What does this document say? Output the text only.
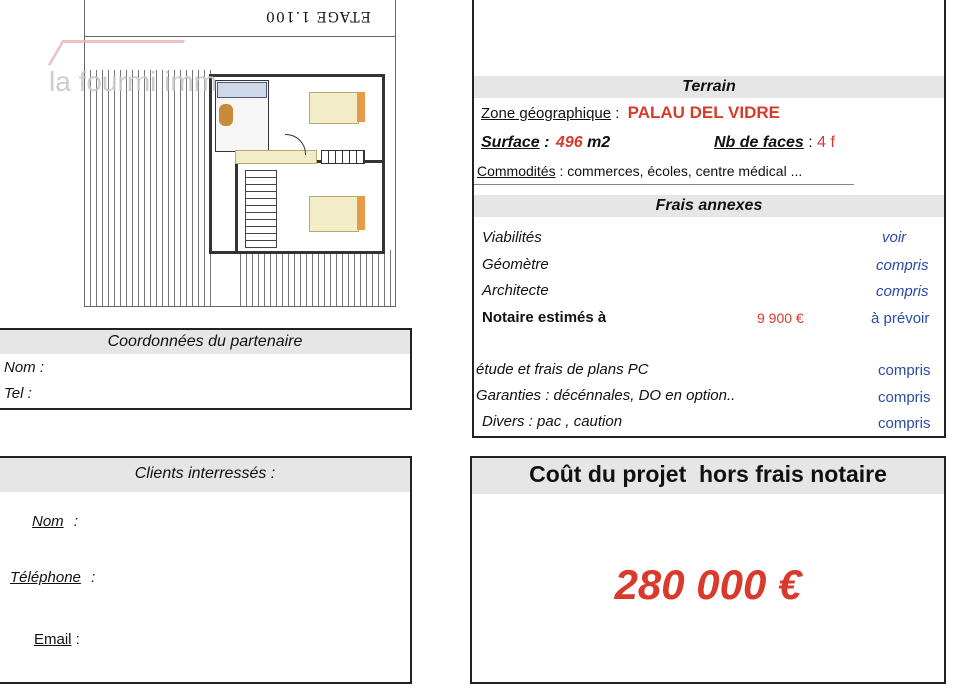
ETAGE 1.100
la fourmi imm	Terrain
Zone géographique : PALAU DEL VIDRE
Surface : 496 m2	Nb de faces : 4 f
Commodités : commerces, écoles, centre médical ...
Frais annexes
Viabilités	voir
Géomètre	compris
Architecte	compris
Notaire estimés à	9 900 €	à prévoir
étude et frais de plans PC	compris
Garanties : décénnales, DO en option..	compris
Divers : pac , caution	compris
Coordonnées du partenaire
Nom :
Tel :
Clients interressés :
Nom :
Téléphone :
Email :
Coût du projet  hors frais notaire
280 000 €
